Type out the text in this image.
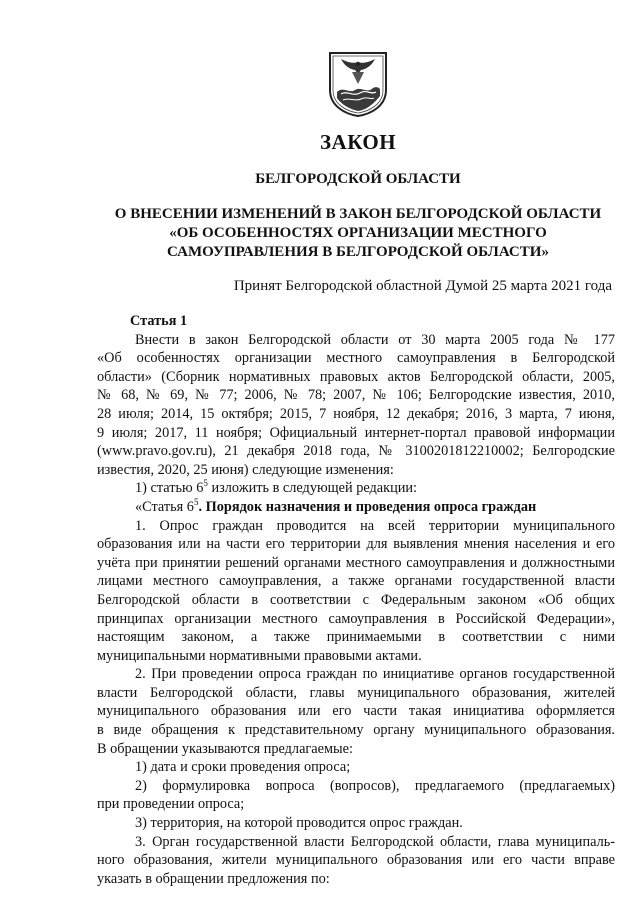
ЗАКОН
БЕЛГОРОДСКОЙ ОБЛАСТИ
О ВНЕСЕНИИ ИЗМЕНЕНИЙ В ЗАКОН БЕЛГОРОДСКОЙ ОБЛАСТИ
«ОБ ОСОБЕННОСТЯХ ОРГАНИЗАЦИИ МЕСТНОГО
САМОУПРАВЛЕНИЯ В БЕЛГОРОДСКОЙ ОБЛАСТИ»
Принят Белгородской областной Думой 25 марта 2021 года

Статья 1

Внести в закон Белгородской области от 30 марта 2005 года № 177

«Об особенностях организации местного самоуправления в Белгородской

области» (Сборник нормативных правовых актов Белгородской области, 2005,

№ 68, № 69, № 77; 2006, № 78; 2007, № 106; Белгородские известия, 2010,

28 июля; 2014, 15 октября; 2015, 7 ноября, 12 декабря; 2016, 3 марта, 7 июня,

9 июля; 2017, 11 ноября; Официальный интернет-портал правовой информации

(www.pravo.gov.ru), 21 декабря 2018 года, № 3100201812210002; Белгородские

известия, 2020, 25 июня) следующие изменения:

1) статью $6^5$ изложить в следующей редакции:

«Статья $6^5$. Порядок назначения и проведения опроса граждан

1. Опрос граждан проводится на всей территории муниципального

образования или на части его территории для выявления мнения населения и его

учёта при принятии решений органами местного самоуправления и должностными

лицами местного самоуправления, а также органами государственной власти

Белгородской области в соответствии с Федеральным законом «Об общих

принципах организации местного самоуправления в Российской Федерации»,

настоящим законом, а также принимаемыми в соответствии с ними

муниципальными нормативными правовыми актами.

2. При проведении опроса граждан по инициативе органов государственной

власти Белгородской области, главы муниципального образования, жителей

муниципального образования или его части такая инициатива оформляется

в виде обращения к представительному органу муниципального образования.

В обращении указываются предлагаемые:

1) дата и сроки проведения опроса;

2) формулировка вопроса (вопросов), предлагаемого (предлагаемых)

при проведении опроса;

3) территория, на которой проводится опрос граждан.

3. Орган государственной власти Белгородской области, глава муниципаль-

ного образования, жители муниципального образования или его части вправе

указать в обращении предложения по:
